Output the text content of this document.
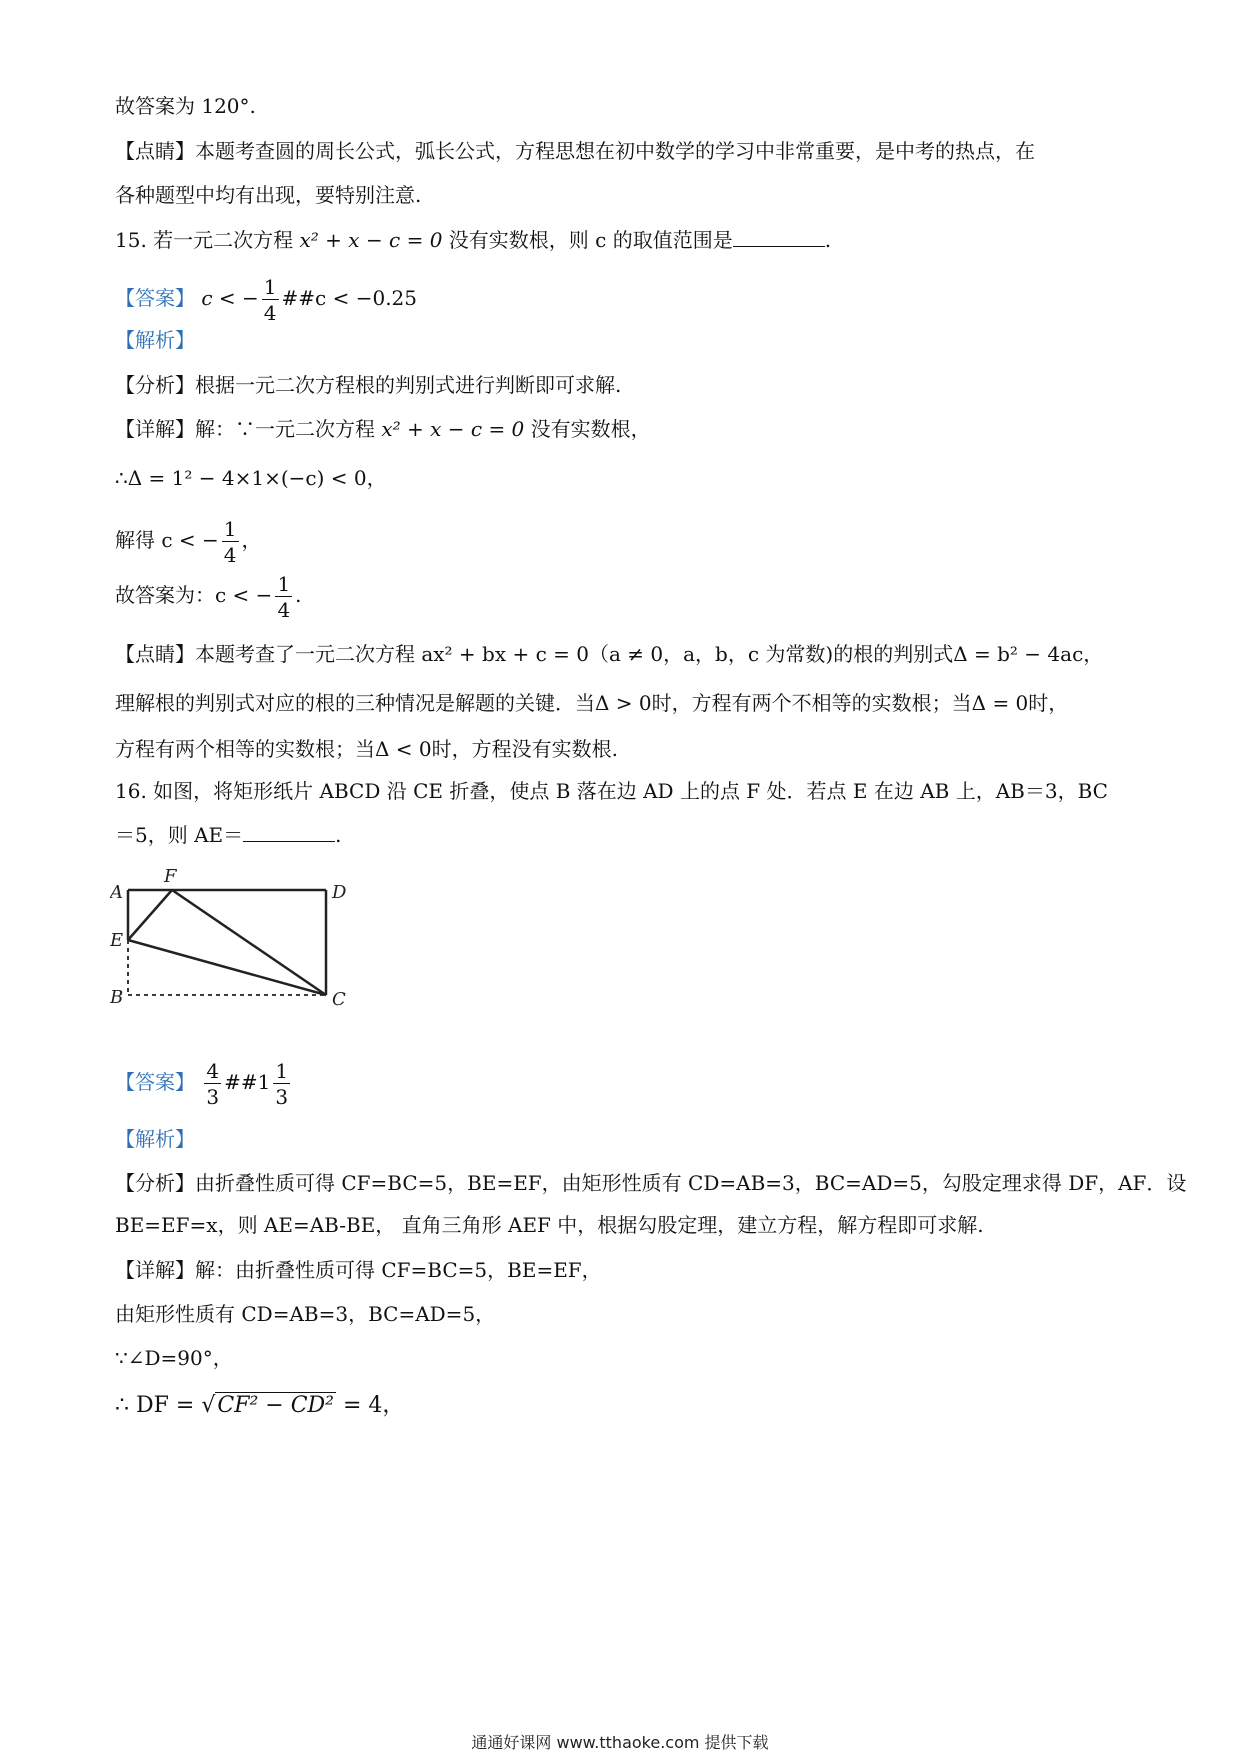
故答案为 120°.
【点睛】本题考查圆的周长公式，弧长公式，方程思想在初中数学的学习中非常重要，是中考的热点，在
各种题型中均有出现，要特别注意.
15. 若一元二次方程 x² + x − c = 0 没有实数根，则 c 的取值范围是	.
【答案】 c < − $\frac{1}{4}$ ##c < −0.25
【解析】
【分析】根据一元二次方程根的判别式进行判断即可求解.
【详解】解：∵一元二次方程 x² + x − c = 0 没有实数根，
∴Δ = 1² − 4×1×(−c) < 0，
解得 c < − $\frac{1}{4}$ ，
故答案为：c < − $\frac{1}{4}$ .
【点睛】本题考查了一元二次方程 ax² + bx + c = 0（a ≠ 0，a，b，c 为常数)的根的判别式Δ = b² − 4ac，
理解根的判别式对应的根的三种情况是解题的关键．当Δ > 0时，方程有两个不相等的实数根；当Δ = 0时，
方程有两个相等的实数根；当Δ < 0时，方程没有实数根.
16. 如图，将矩形纸片 ABCD 沿 CE 折叠，使点 B 落在边 AD 上的点 F 处．若点 E 在边 AB 上，AB＝3，BC
＝5，则 AE＝	.
A
F
D
E
B	C
【答案】 $\frac{4}{3}$ ##1 $\frac{1}{3}$
【解析】
【分析】由折叠性质可得 CF=BC=5，BE=EF，由矩形性质有 CD=AB=3，BC=AD=5，勾股定理求得 DF，AF．设
BE=EF=x，则 AE=AB-BE， 直角三角形 AEF 中，根据勾股定理，建立方程，解方程即可求解.
【详解】解：由折叠性质可得 CF=BC=5，BE=EF，
由矩形性质有 CD=AB=3，BC=AD=5，
∵∠D=90°，
∴ DF = √CF² − CD² = 4，
通通好课网 www.tthaoke.com 提供下载
